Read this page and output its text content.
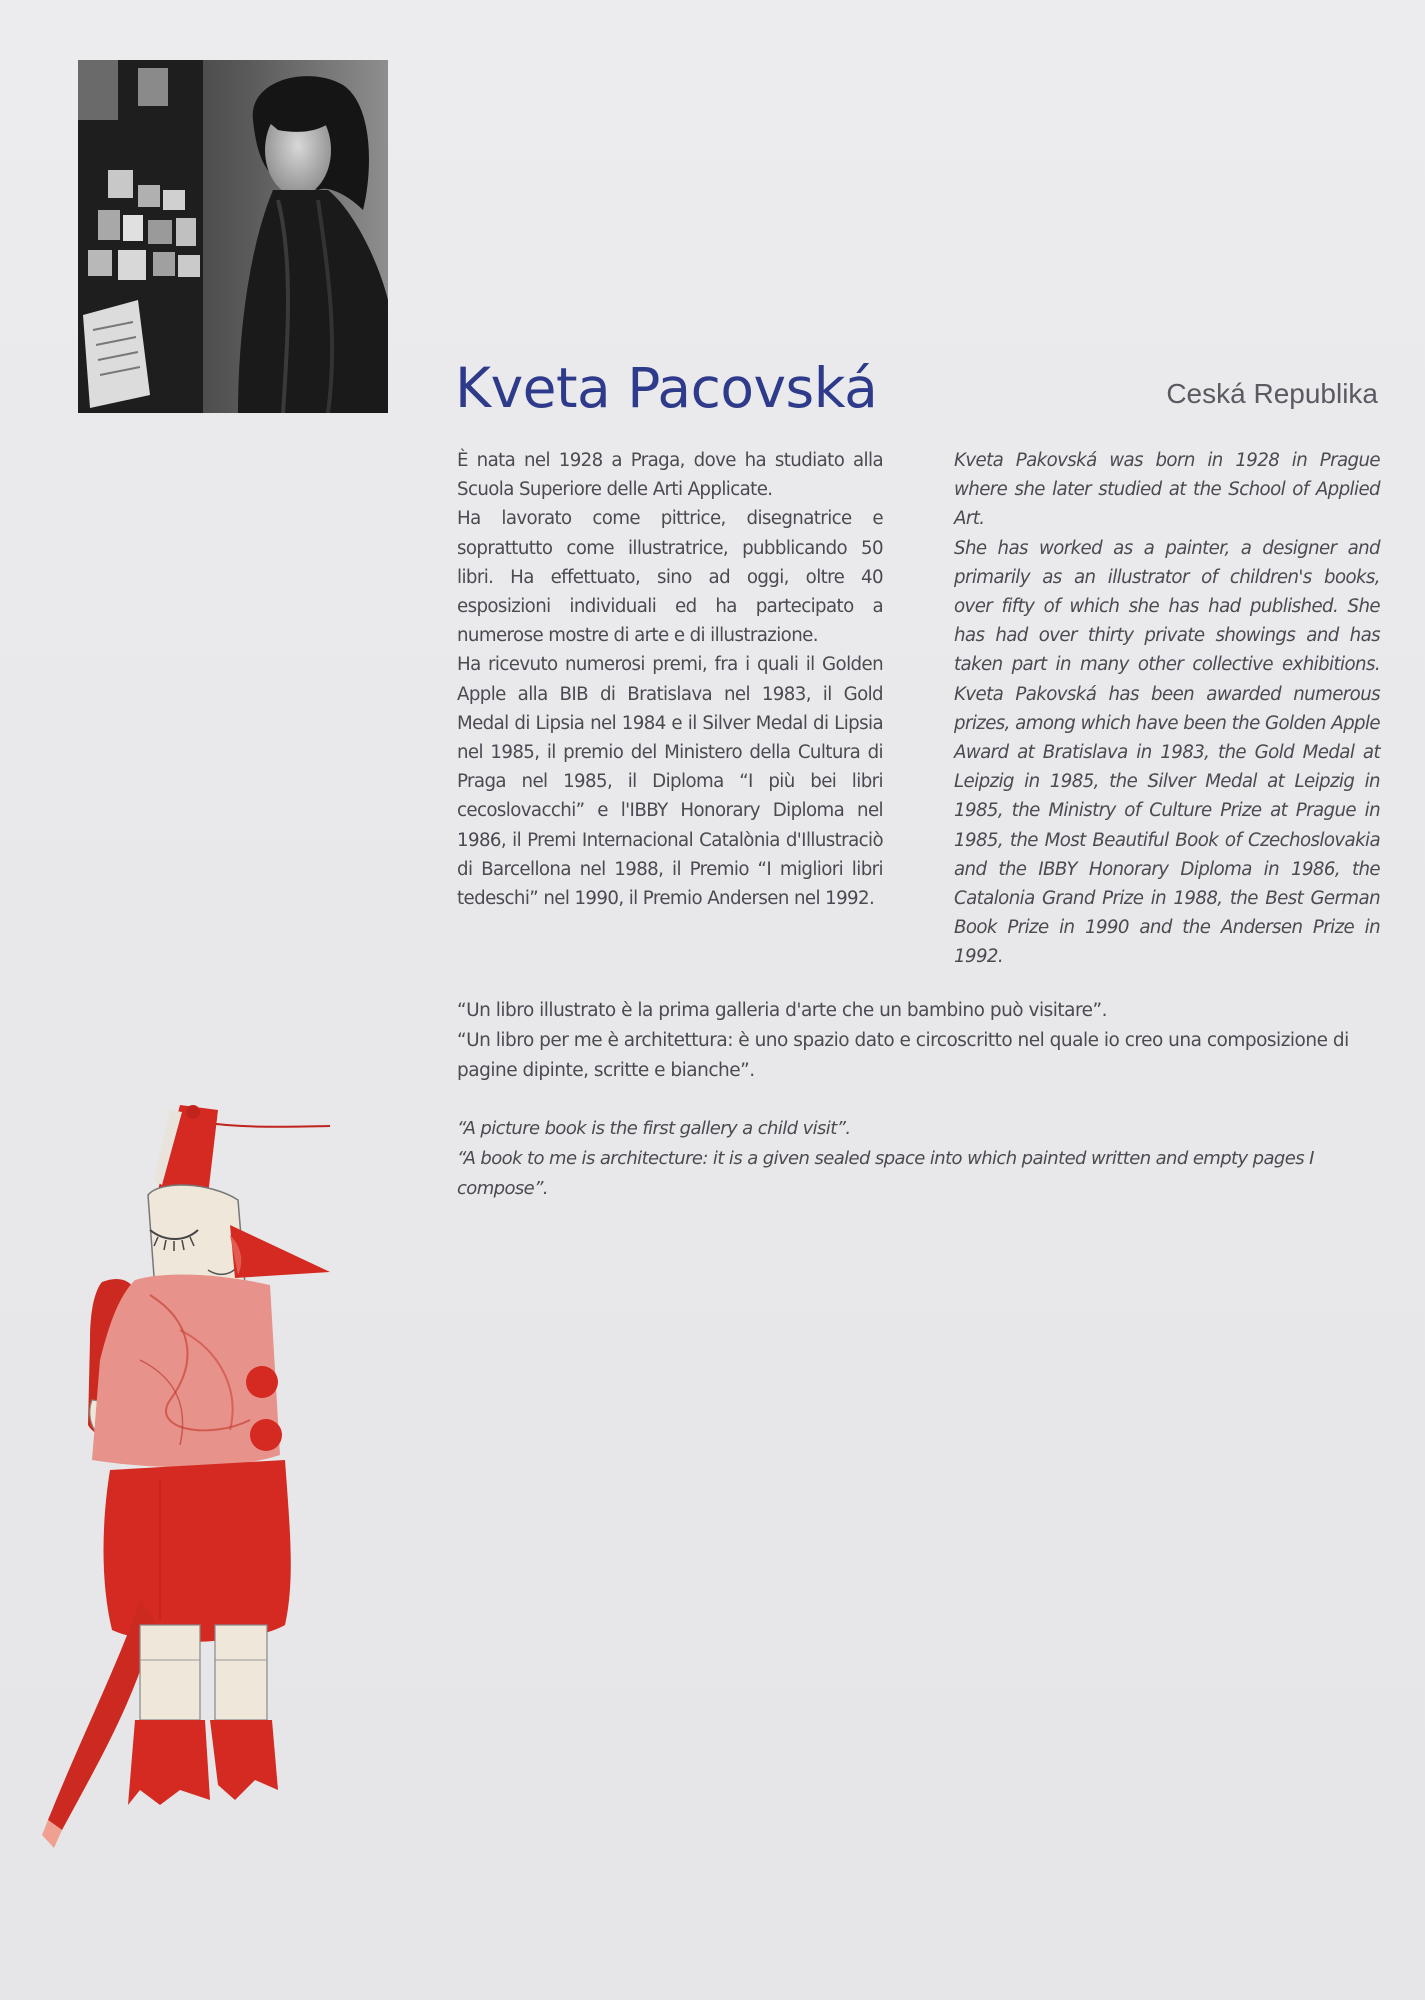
Kveta Pacovská	Ceská Republika

È nata nel 1928 a Praga, dove ha studiato alla Scuola Superiore delle Arti Applicate.

Ha lavorato come pittrice, disegnatrice e soprattutto come illustratrice, pubblicando 50 libri. Ha effettuato, sino ad oggi, oltre 40 esposizioni individuali ed ha partecipato a numerose mostre di arte e di illustrazione.

Ha ricevuto numerosi premi, fra i quali il Golden Apple alla BIB di Bratislava nel 1983, il Gold Medal di Lipsia nel 1984 e il Silver Medal di Lipsia nel 1985, il premio del Ministero della Cultura di Praga nel 1985, il Diploma “I più bei libri cecoslovacchi” e l'IBBY Honorary Diploma nel 1986, il Premi Internacional Catalònia d'Illustraciò di Barcellona nel 1988, il Premio “I migliori libri tedeschi” nel 1990, il Premio Andersen nel 1992.

Kveta Pakovská was born in 1928 in Prague where she later studied at the School of Applied Art.

She has worked as a painter, a designer and primarily as an illustrator of children's books, over fifty of which she has had published. She has had over thirty private showings and has taken part in many other collective exhibitions. Kveta Pakovská has been awarded numerous prizes, among which have been the Golden Apple Award at Bratislava in 1983, the Gold Medal at Leipzig in 1985, the Silver Medal at Leipzig in 1985, the Ministry of Culture Prize at Prague in 1985, the Most Beautiful Book of Czechoslovakia and the IBBY Honorary Diploma in 1986, the Catalonia Grand Prize in 1988, the Best German Book Prize in 1990 and the Andersen Prize in 1992.

“Un libro illustrato è la prima galleria d'arte che un bambino può visitare”.

“Un libro per me è architettura: è uno spazio dato e circoscritto nel quale io creo una composizione di pagine dipinte, scritte e bianche”.

“A picture book is the first gallery a child visit”.

“A book to me is architecture: it is a given sealed space into which painted written and empty pages I compose”.
